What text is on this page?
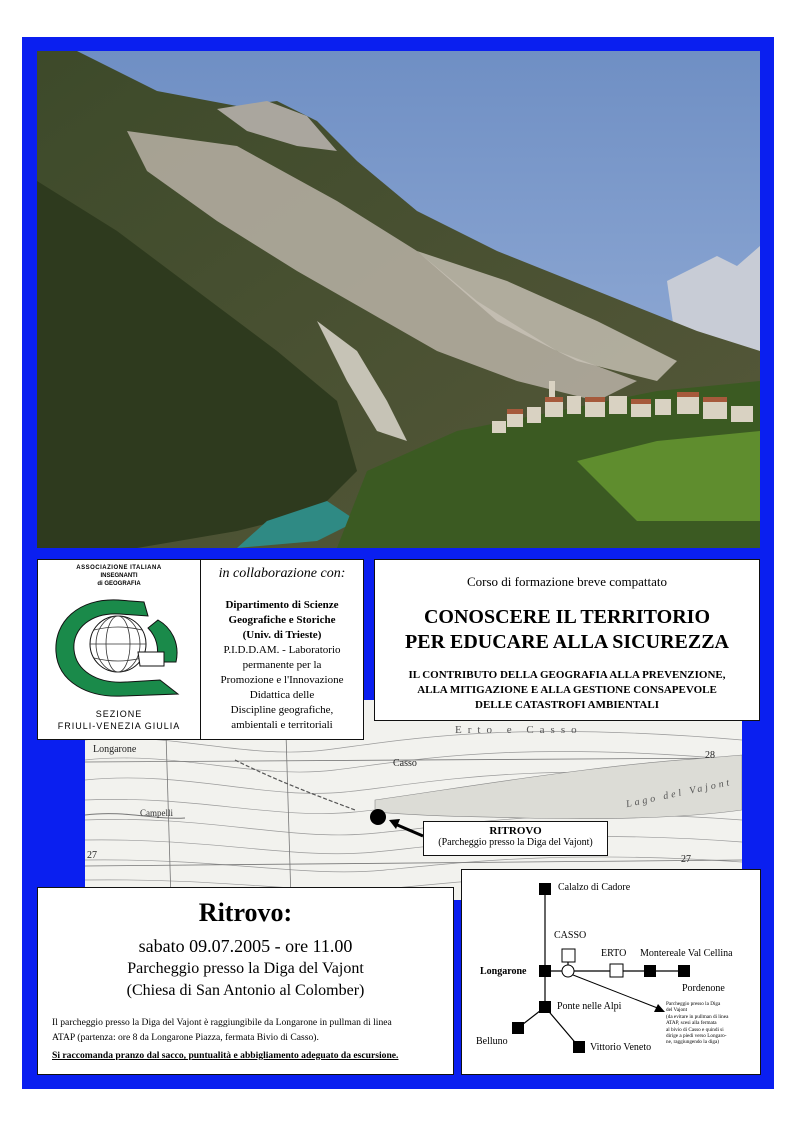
Longarone
Casso
Erto e Casso
Lago del Vajont
Campelli
28
27	27
ASSOCIAZIONE ITALIANA
INSEGNANTI
di GEOGRAFIA
SEZIONE
FRIULI-VENEZIA GIULIA
in collaborazione con:
Dipartimento di Scienze
Geografiche e Storiche
(Univ. di Trieste)
P.I.D.D.AM. - Laboratorio
permanente per la
Promozione e l'Innovazione
Didattica delle
Discipline geografiche,
ambientali e territoriali
Corso di formazione breve compattato
CONOSCERE IL TERRITORIO
PER EDUCARE ALLA SICUREZZA
IL CONTRIBUTO DELLA GEOGRAFIA ALLA PREVENZIONE,
ALLA MITIGAZIONE E ALLA GESTIONE CONSAPEVOLE
DELLE CATASTROFI AMBIENTALI
RITROVO
(Parcheggio presso la Diga del Vajont)
Ritrovo:
sabato 09.07.2005 - ore 11.00
Parcheggio presso la Diga del Vajont
(Chiesa di San Antonio al Colomber)
Il parcheggio presso la Diga del Vajont è raggiungibile da Longarone in pullman di linea
ATAP (partenza: ore 8 da Longarone Piazza, fermata Bivio di Casso).
Si raccomanda pranzo dal sacco, puntualità e abbigliamento adeguato da escursione.
Calalzo di Cadore
CASSO
ERTO Montereale Val Cellina
Longarone
Pordenone
Ponte nelle Alpi
Belluno
Vittorio Veneto
Parcheggio presso la Diga
del Vajont
(da evitare in pullman di linea
ATAP, scesi alla fermata
al bivio di Casso e quindi si
dirige a piedi verso Longaro-
ne, raggiungendo la diga)
